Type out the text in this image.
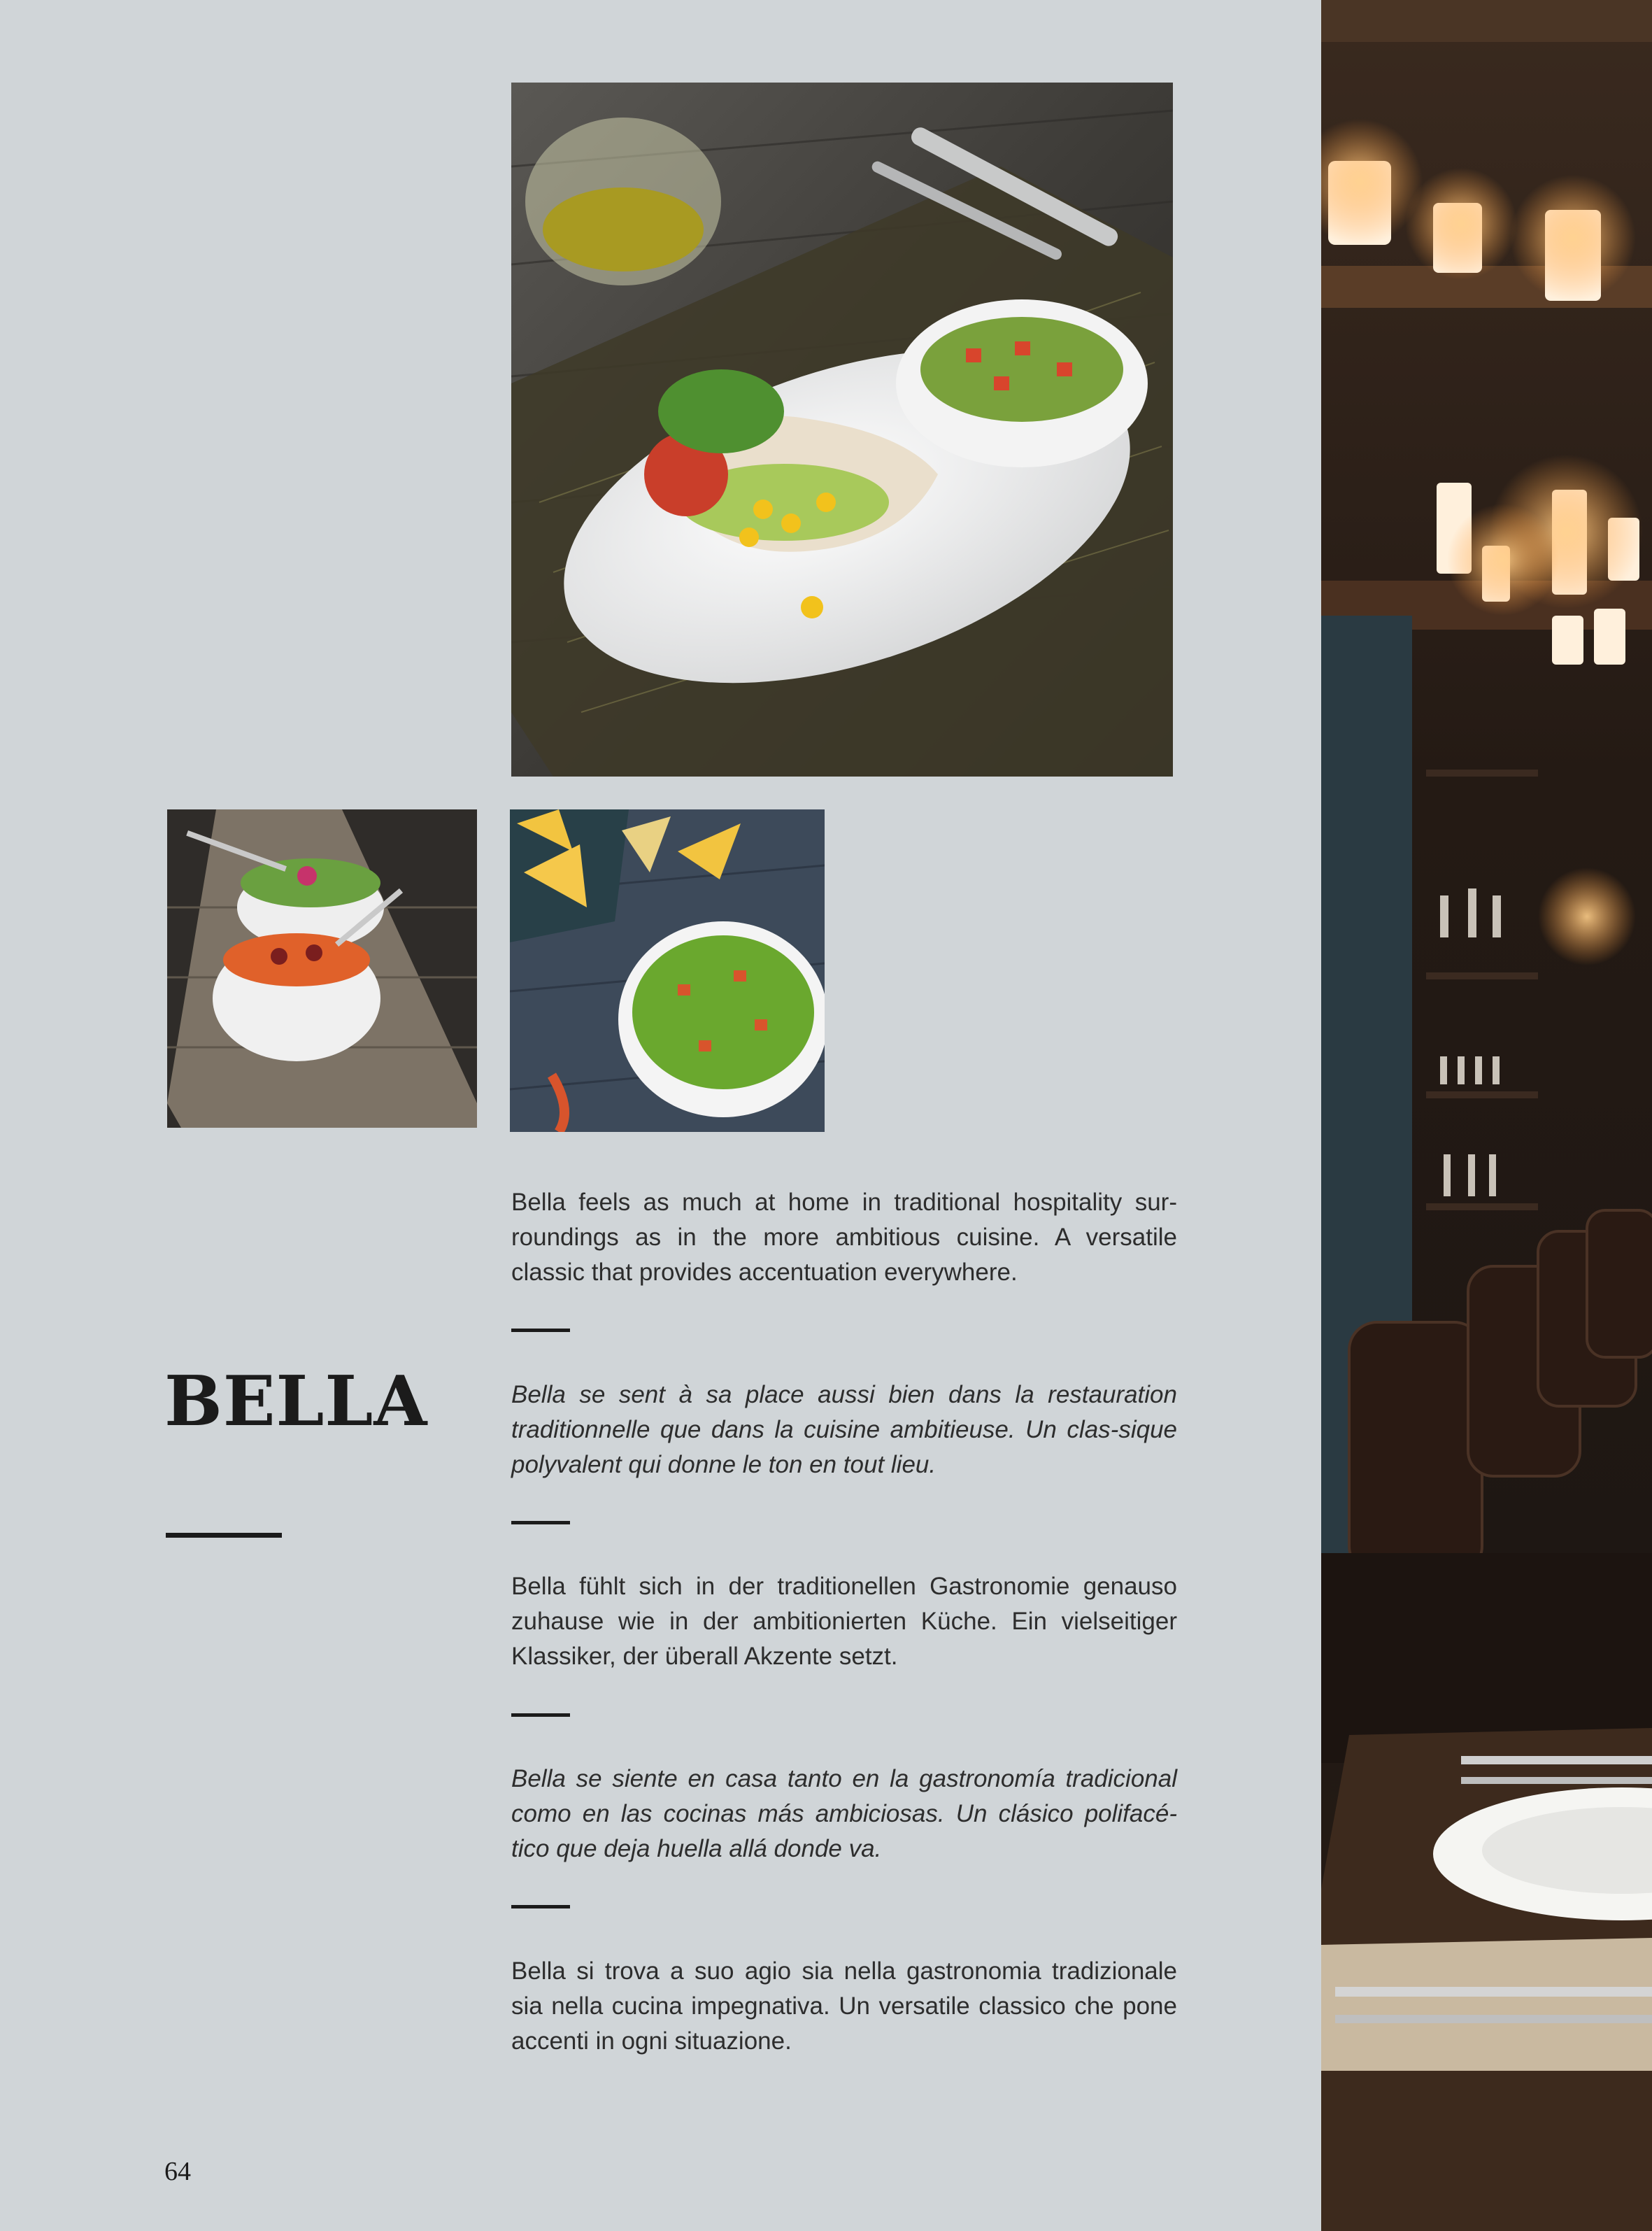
BELLA

Bella feels as much at home in traditional hospitality sur-roundings as in the more ambitious cuisine. A versatile classic that provides accentuation everywhere.

Bella se sent à sa place aussi bien dans la restauration traditionnelle que dans la cuisine ambitieuse. Un clas-sique polyvalent qui donne le ton en tout lieu.

Bella fühlt sich in der traditionellen Gastronomie genauso zuhause wie in der ambitionierten Küche. Ein vielseitiger Klassiker, der überall Akzente setzt.

Bella se siente en casa tanto en la gastronomía tradicional como en las cocinas más ambiciosas. Un clásico polifacé-tico que deja huella allá donde va.

Bella si trova a suo agio sia nella gastronomia tradizionale sia nella cucina impegnativa. Un versatile classico che pone accenti in ogni situazione.

64
